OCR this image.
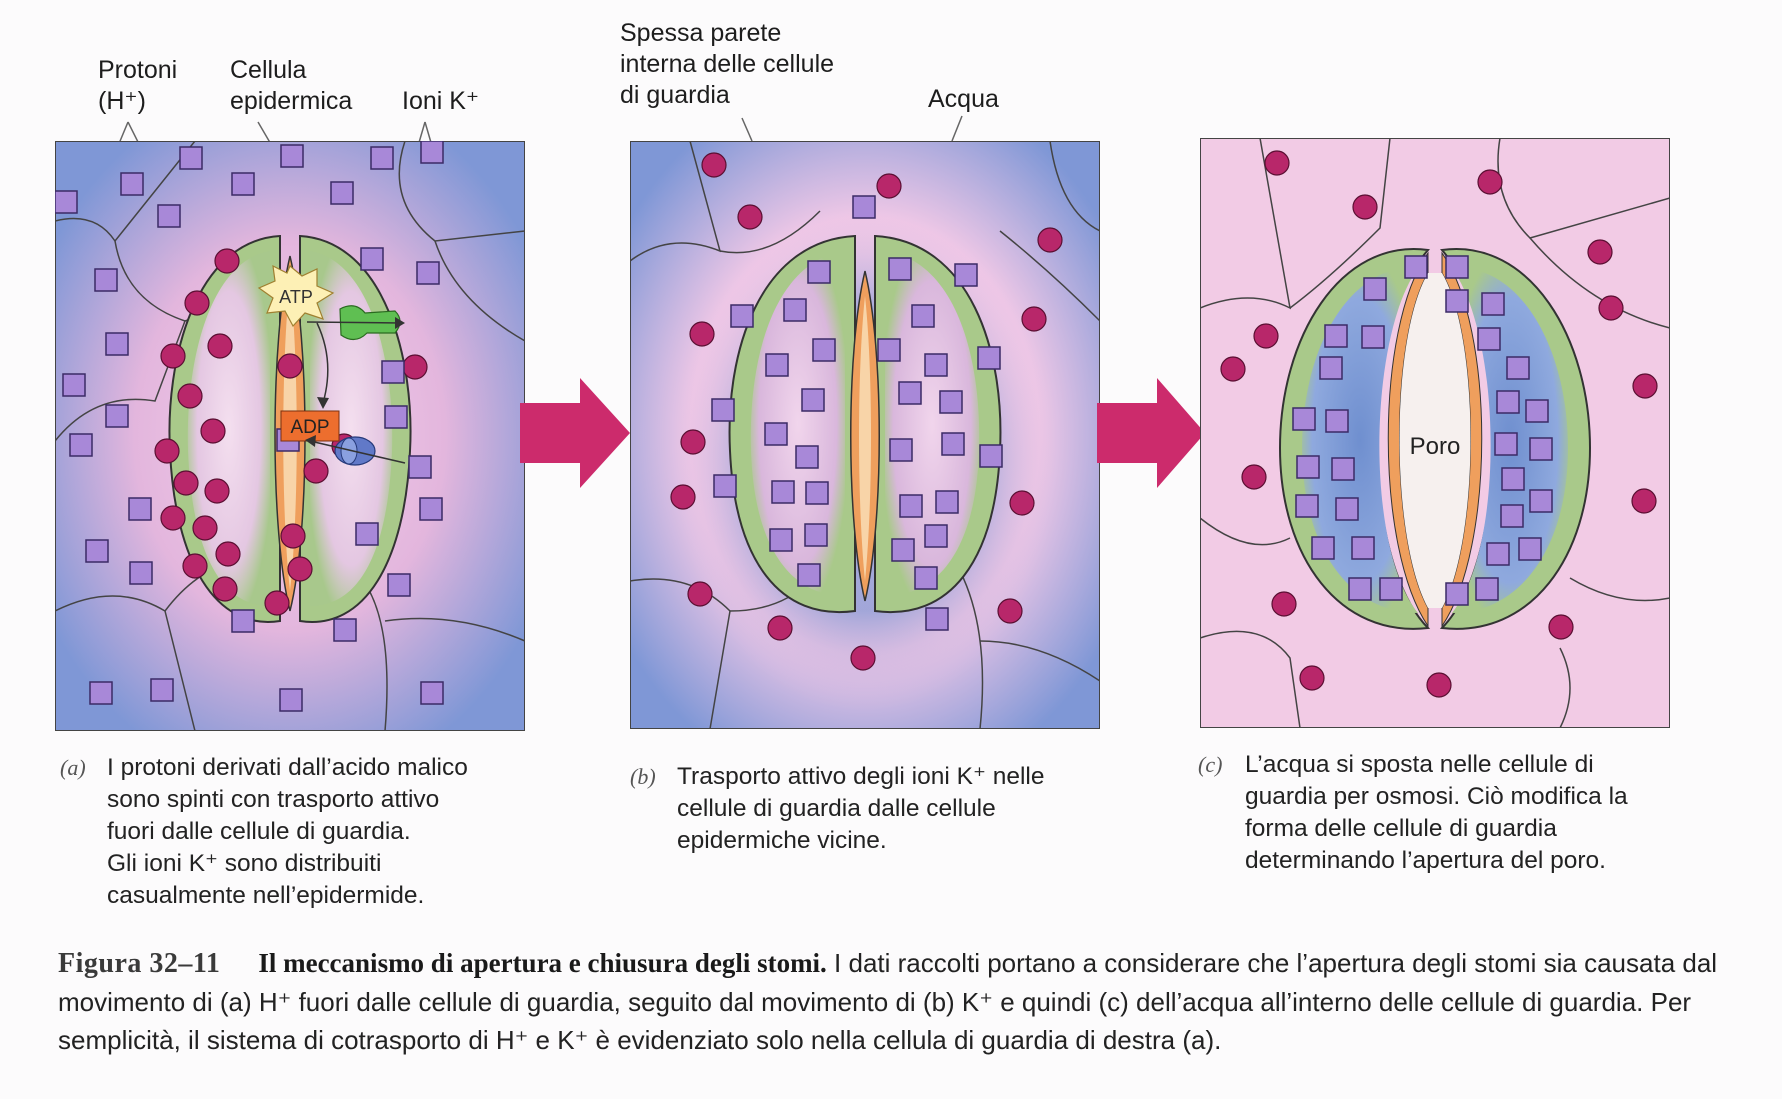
Protoni
(H⁺)
Cellula
epidermica Ioni K⁺
Spessa parete
interna delle cellule
di guardia	Acqua
ATP
ADP
Poro
(a) I protoni derivati dall’acido malico
sono spinti con trasporto attivo
fuori dalle cellule di guardia.
Gli ioni K⁺ sono distribuiti
casualmente nell’epidermide.
(b) Trasporto attivo degli ioni K⁺ nelle
cellule di guardia dalle cellule
epidermiche vicine.
(c) L’acqua si sposta nelle cellule di
guardia per osmosi. Ciò modifica la
forma delle cellule di guardia
determinando l’apertura del poro.
Figura 32–11 Il meccanismo di apertura e chiusura degli stomi. I dati raccolti portano a considerare che l’apertura degli stomi sia causata dal movimento di (a) H⁺ fuori dalle cellule di guardia, seguito dal movimento di (b) K⁺ e quindi (c) dell’acqua all’interno delle cellule di guardia. Per semplicità, il sistema di cotrasporto di H⁺ e K⁺ è evidenziato solo nella cellula di guardia di destra (a).
